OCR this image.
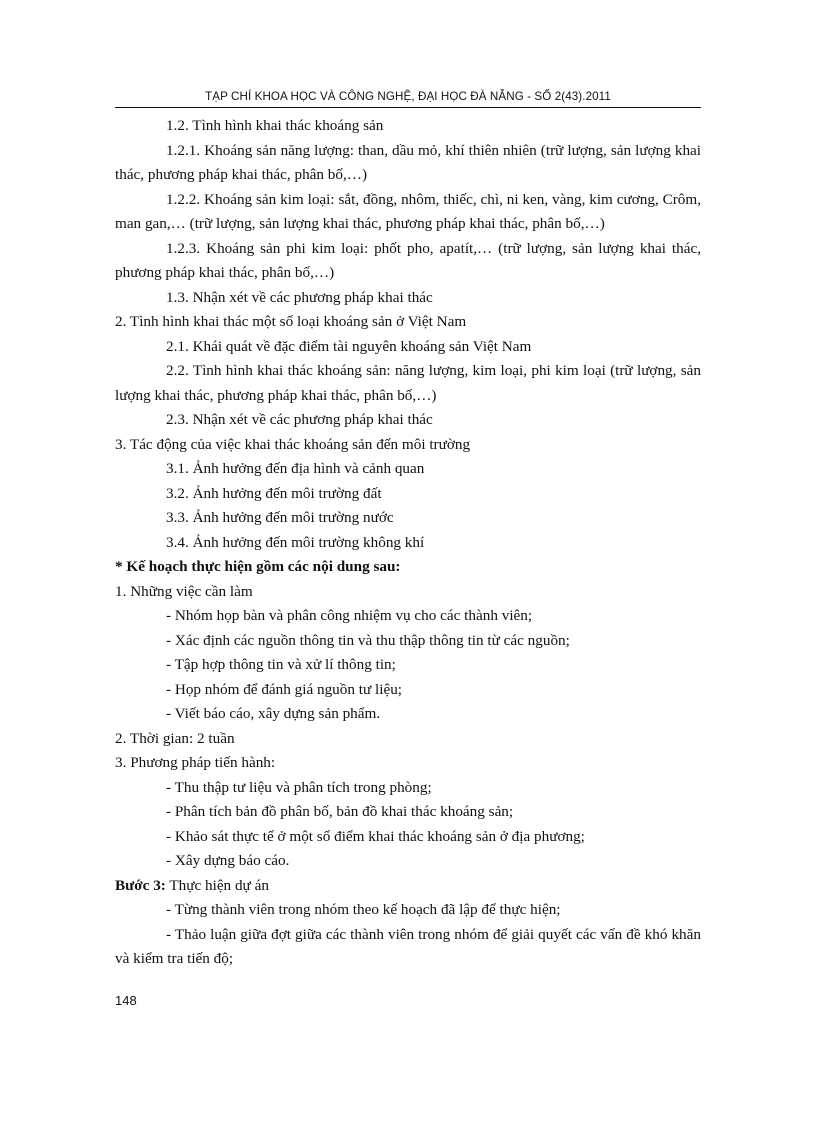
TẠP CHÍ KHOA HỌC VÀ CÔNG NGHỆ, ĐẠI HỌC ĐÀ NẴNG - SỐ 2(43).2011

1.2. Tình hình khai thác khoáng sản

1.2.1. Khoáng sản năng lượng: than, dầu mỏ, khí thiên nhiên (trữ lượng, sản lượng khai thác, phương pháp khai thác, phân bố,…)

1.2.2. Khoáng sản kim loại: sắt, đồng, nhôm, thiếc, chì, ni ken, vàng, kim cương, Crôm, man gan,… (trữ lượng, sản lượng khai thác, phương pháp khai thác, phân bố,…)

1.2.3. Khoáng sản phi kim loại: phốt pho, apatít,… (trữ lượng, sản lượng khai thác, phương pháp khai thác, phân bố,…)

1.3. Nhận xét về các phương pháp khai thác

2. Tình hình khai thác một số loại khoáng sản ở Việt Nam

2.1. Khái quát về đặc điểm tài nguyên khoáng sản Việt Nam

2.2. Tình hình khai thác khoáng sản: năng lượng, kim loại, phi kim loại (trữ lượng, sản lượng khai thác, phương pháp khai thác, phân bố,…)

2.3. Nhận xét về các phương pháp khai thác

3. Tác động của việc khai thác khoáng sản đến môi trường

3.1. Ảnh hưởng đến địa hình và cảnh quan

3.2. Ảnh hưởng đến môi trường đất

3.3. Ảnh hưởng đến môi trường nước

3.4. Ảnh hưởng đến môi trường không khí

* Kế hoạch thực hiện gồm các nội dung sau:

1. Những việc cần làm

- Nhóm họp bàn và phân công nhiệm vụ cho các thành viên;

- Xác định các nguồn thông tin và thu thập thông tin từ các nguồn;

- Tập hợp thông tin và xử lí thông tin;

- Họp nhóm để đánh giá nguồn tư liệu;

- Viết báo cáo, xây dựng sản phẩm.

2. Thời gian: 2 tuần

3. Phương pháp tiến hành:

- Thu thập tư liệu và phân tích trong phòng;

- Phân tích bản đồ phân bố, bản đồ khai thác khoáng sản;

- Khảo sát thực tế ở một số điểm khai thác khoáng sản ở địa phương;

- Xây dựng báo cáo.

Bước 3: Thực hiện dự án

- Từng thành viên trong nhóm theo kế hoạch đã lập để thực hiện;

- Thảo luận giữa đợt giữa các thành viên trong nhóm để giải quyết các vấn đề khó khăn và kiểm tra tiến độ;

148
